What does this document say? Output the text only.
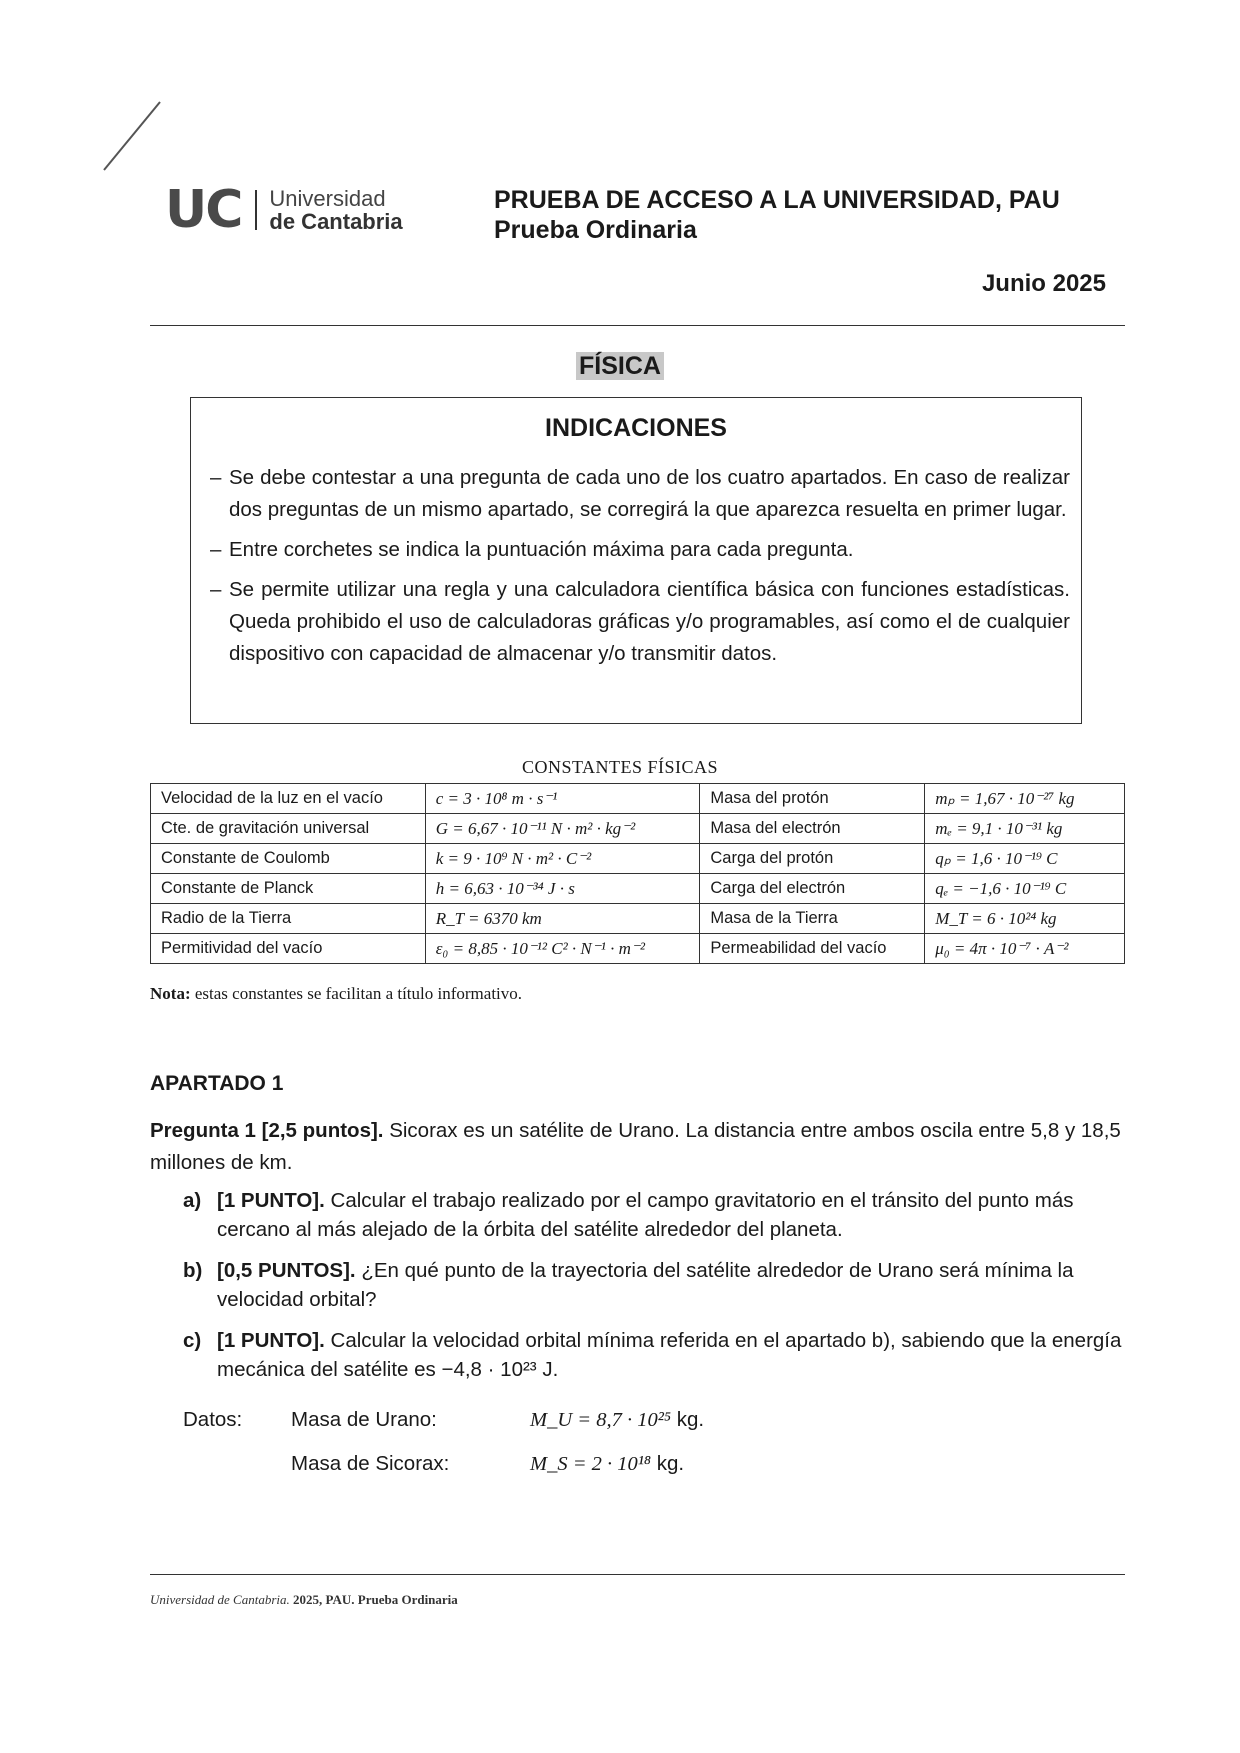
UC Universidad
de Cantabria
PRUEBA DE ACCESO A LA UNIVERSIDAD, PAU
Prueba Ordinaria
Junio 2025
FÍSICA
INDICACIONES
– Se debe contestar a una pregunta de cada uno de los cuatro apartados. En caso de realizar dos preguntas de un mismo apartado, se corregirá la que aparezca resuelta en primer lugar.
– Entre corchetes se indica la puntuación máxima para cada pregunta.
– Se permite utilizar una regla y una calculadora científica básica con funciones estadísticas. Queda prohibido el uso de calculadoras gráficas y/o programables, así como el de cualquier dispositivo con capacidad de almacenar y/o transmitir datos.
CONSTANTES FÍSICAS
Velocidad de la luz en el vacío	c = 3 · 10⁸ m · s⁻¹	Masa del protón	mₚ = 1,67 · 10⁻²⁷ kg
Cte. de gravitación universal	G = 6,67 · 10⁻¹¹ N · m² · kg⁻²	Masa del electrón	mₑ = 9,1 · 10⁻³¹ kg
Constante de Coulomb	k = 9 · 10⁹ N · m² · C⁻²	Carga del protón	qₚ = 1,6 · 10⁻¹⁹ C
Constante de Planck	h = 6,63 · 10⁻³⁴ J · s	Carga del electrón	qₑ = −1,6 · 10⁻¹⁹ C
Radio de la Tierra	R_T = 6370 km	Masa de la Tierra	M_T = 6 · 10²⁴ kg
Permitividad del vacío	ε₀ = 8,85 · 10⁻¹² C² · N⁻¹ · m⁻²	Permeabilidad del vacío	μ₀ = 4π · 10⁻⁷ · A⁻²
Nota: estas constantes se facilitan a título informativo.
APARTADO 1
Pregunta 1 [2,5 puntos]. Sicorax es un satélite de Urano. La distancia entre ambos oscila entre 5,8 y 18,5 millones de km.
a) [1 PUNTO]. Calcular el trabajo realizado por el campo gravitatorio en el tránsito del punto más cercano al más alejado de la órbita del satélite alrededor del planeta.
b) [0,5 PUNTOS]. ¿En qué punto de la trayectoria del satélite alrededor de Urano será mínima la velocidad orbital?
c) [1 PUNTO]. Calcular la velocidad orbital mínima referida en el apartado b), sabiendo que la energía mecánica del satélite es −4,8 · 10²³ J.
Datos: Masa de Urano:	M_U = 8,7 · 10²⁵ kg.
Masa de Sicorax:	M_S = 2 · 10¹⁸ kg.
Universidad de Cantabria. 2025, PAU. Prueba Ordinaria
